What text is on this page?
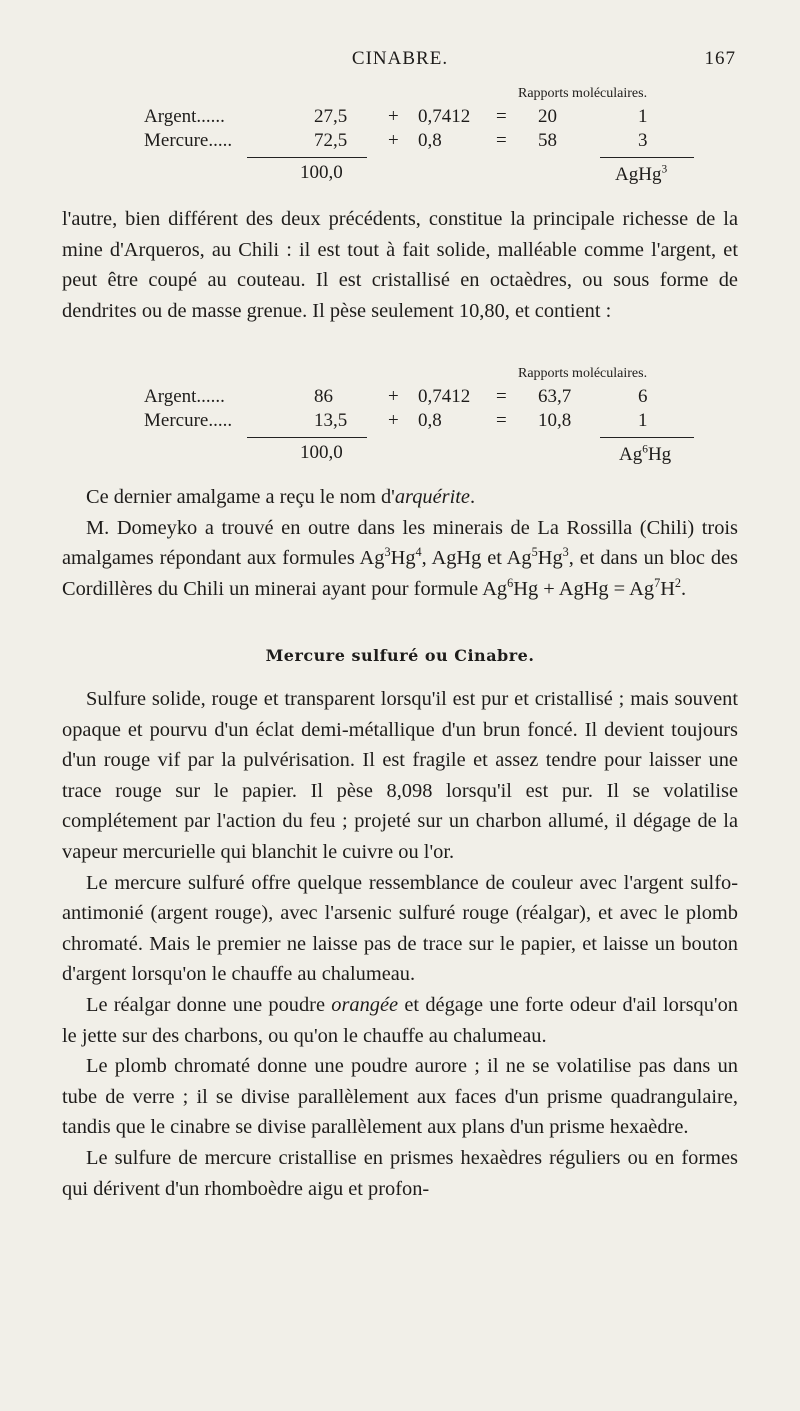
CINABRE.	167
Rapports moléculaires.
Argent......	27,5 + 0,7412 = 20	1
Mercure.....	72,5 + 0,8	= 58	3
100,0	AgHg$^3$

l'autre, bien différent des deux précédents, constitue la principale richesse de la mine d'Arqueros, au Chili : il est tout à fait solide, malléable comme l'argent, et peut être coupé au couteau. Il est cristallisé en octaèdres, ou sous forme de dendrites ou de masse grenue. Il pèse seulement 10,80, et contient :

Rapports moléculaires.
Argent......	86	+ 0,7412 = 63,7	6
Mercure.....	13,5 + 0,8	= 10,8	1
100,0	Ag$^6$Hg

Ce dernier amalgame a reçu le nom d'arquérite.

M. Domeyko a trouvé en outre dans les minerais de La Rossilla (Chili) trois amalgames répondant aux formules Ag$^3$Hg$^4$, AgHg et Ag$^5$Hg$^3$, et dans un bloc des Cordillères du Chili un minerai ayant pour formule $Ag^6Hg$ + AgHg = $Ag^7H^2$.

Mercure sulfuré ou Cinabre.

Sulfure solide, rouge et transparent lorsqu'il est pur et cristallisé ; mais souvent opaque et pourvu d'un éclat demi-métallique d'un brun foncé. Il devient toujours d'un rouge vif par la pulvérisation. Il est fragile et assez tendre pour laisser une trace rouge sur le papier. Il pèse 8,098 lorsqu'il est pur. Il se volatilise complétement par l'action du feu ; projeté sur un charbon allumé, il dégage de la vapeur mercurielle qui blanchit le cuivre ou l'or.

Le mercure sulfuré offre quelque ressemblance de couleur avec l'argent sulfo-antimonié (argent rouge), avec l'arsenic sulfuré rouge (réalgar), et avec le plomb chromaté. Mais le premier ne laisse pas de trace sur le papier, et laisse un bouton d'argent lorsqu'on le chauffe au chalumeau.

Le réalgar donne une poudre orangée et dégage une forte odeur d'ail lorsqu'on le jette sur des charbons, ou qu'on le chauffe au chalumeau.

Le plomb chromaté donne une poudre aurore ; il ne se volatilise pas dans un tube de verre ; il se divise parallèlement aux faces d'un prisme quadrangulaire, tandis que le cinabre se divise parallèlement aux plans d'un prisme hexaèdre.

Le sulfure de mercure cristallise en prismes hexaèdres réguliers ou en formes qui dérivent d'un rhomboèdre aigu et profon-
